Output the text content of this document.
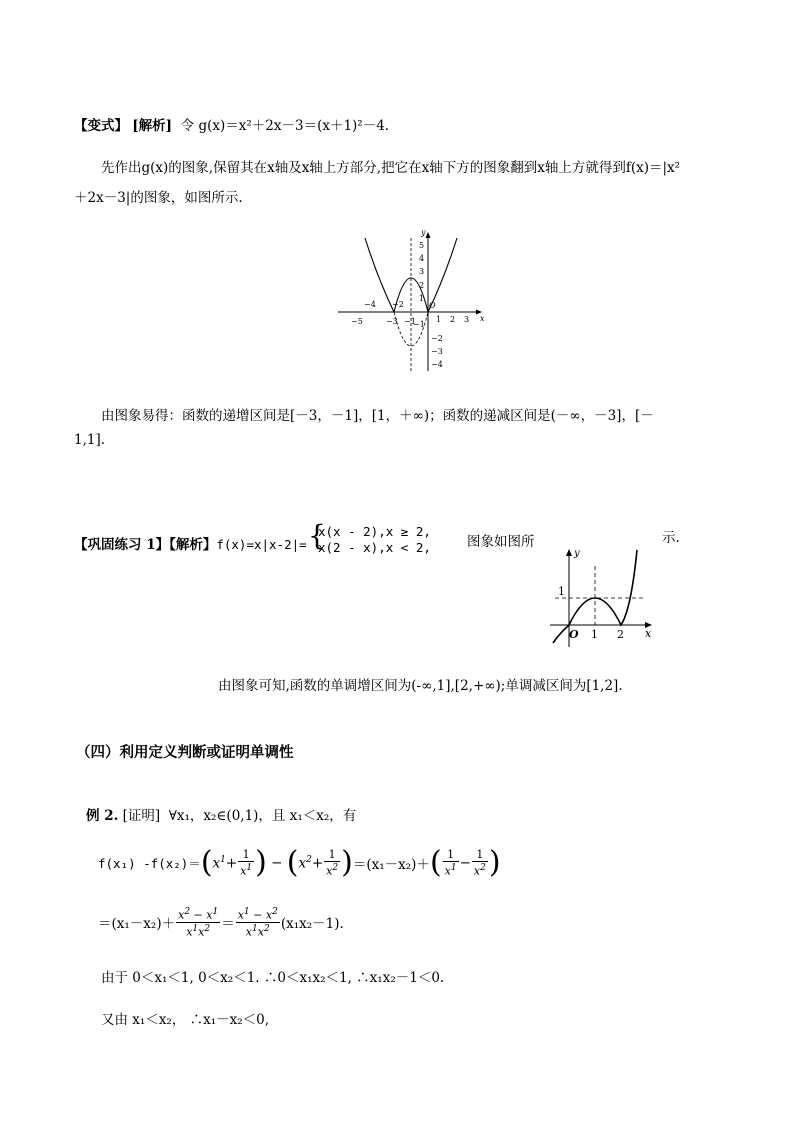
【变式】 [解析] 令 g(x)＝x²＋2x－3＝(x＋1)²－4.
先作出g(x)的图象,保留其在x轴及x轴上方部分,把它在x轴下方的图象翻到x轴上方就得到f(x)＝|x²
＋2x－3|的图象，如图所示.
x
y
−5
−4
−3
−2
−1
O
1 2 3
5
4
3
2
1
−1
−2
−3
−4
由图象易得：函数的递增区间是[－3，－1]，[1，＋∞)；函数的递减区间是(－∞，－3]，[－
1,1].
【巩固练习 1】【解析】f(x)=x|x-2|= {
x(x - 2),x ≥ 2,
x(2 - x),x < 2,	图象如图所	示.
y
x
1
O 1 2
由图象可知,函数的单调增区间为(-∞,1],[2,+∞);单调减区间为[1,2].
（四）利用定义判断或证明单调性
例 2. [证明] ∀x₁，x₂∈(0,1)，且 x₁＜x₂，有
f(x₁) -f(x₂)＝ ( $x^1+ \frac{1}{x^1}$ ) − ( $x^2+ \frac{1}{x^2}$ ) ＝(x₁－x₂)＋ ( $\frac{1}{x^1} - \frac{1}{x^2}$ )
$=(x_1-x_2)+ \frac{x^2 - x^1}{x^1x^2} = \frac{x^1 - x^2}{x^1x^2} (x_1x_2-1)$.
由于 0＜x₁＜1, 0＜x₂＜1. ∴0＜x₁x₂＜1, ∴x₁x₂－1＜0.
又由 x₁＜x₂， ∴x₁－x₂＜0,
